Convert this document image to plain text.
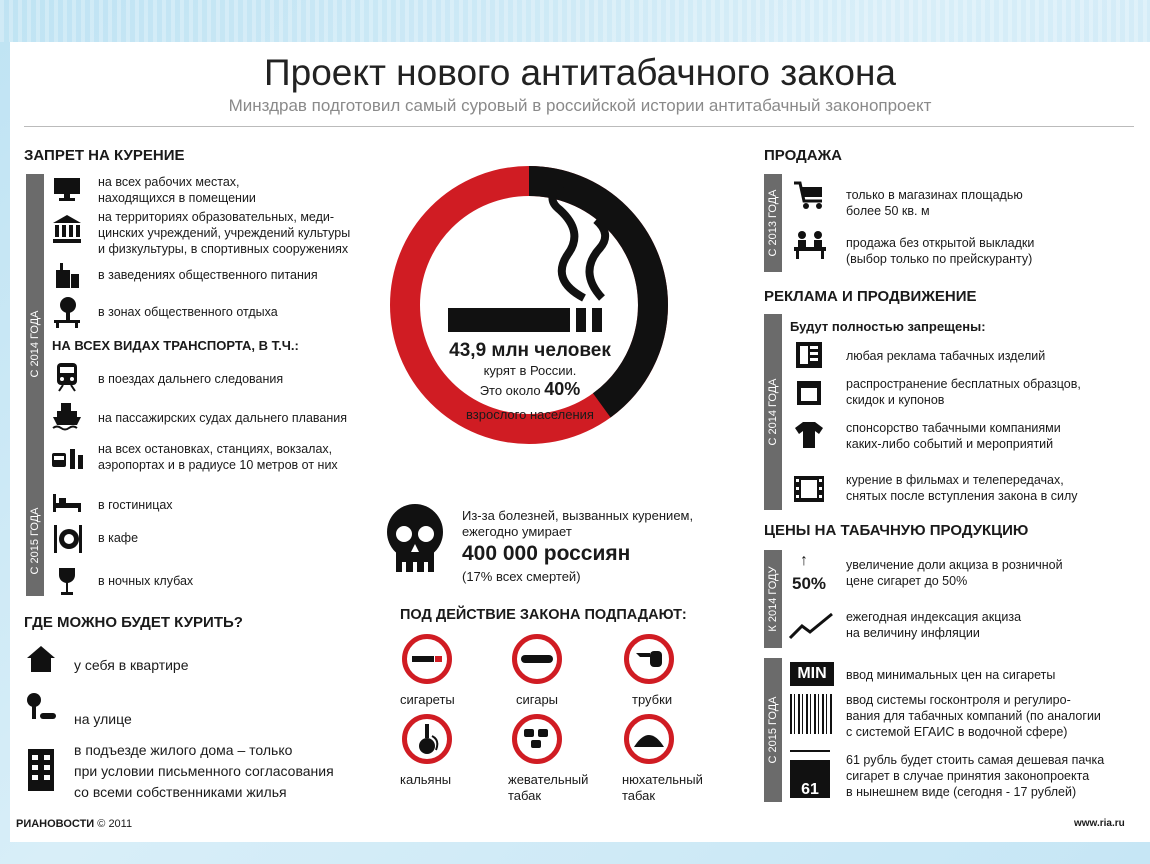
Проект нового антитабачного закона
Минздрав подготовил самый суровый в российской истории антитабачный законопроект
ЗАПРЕТ НА КУРЕНИЕ
С 2014 ГОДА
на всех рабочих местах,
находящихся в помещении
на территориях образовательных, меди-
цинских учреждений, учреждений культуры
и физкультуры, в спортивных сооружениях
в заведениях общественного питания
в зонах общественного отдыха
НА ВСЕХ ВИДАХ ТРАНСПОРТА, В Т.Ч.:
в поездах дальнего следования
на пассажирских судах дальнего плавания
на всех остановках, станциях, вокзалах,
аэропортах и в радиусе 10 метров от них
С 2015 ГОДА
в гостиницах
в кафе
в ночных клубах
ГДЕ МОЖНО БУДЕТ КУРИТЬ?
у себя в квартире
на улице
в подъезде жилого дома – только
при условии письменного согласования
со всеми собственниками жилья
43,9 млн человек
курят в России.
Это около 40%
взрослого населения
Из-за болезней, вызванных курением,
ежегодно умирает
400 000 россиян
(17% всех смертей)
ПОД ДЕЙСТВИЕ ЗАКОНА ПОДПАДАЮТ:
сигареты	сигары	трубки
кальяны	жевательный
табак
нюхательный
табак
ПРОДАЖА
С 2013 ГОДА	только в магазинах площадью
более 50 кв. м
продажа без открытой выкладки
(выбор только по прейскуранту)
РЕКЛАМА И ПРОДВИЖЕНИЕ
С 2014 ГОДА
Будут полностью запрещены:
любая реклама табачных изделий
распространение бесплатных образцов,
скидок и купонов
спонсорство табачными компаниями
каких-либо событий и мероприятий
курение в фильмах и телепередачах,
снятых после вступления закона в силу
ЦЕНЫ НА ТАБАЧНУЮ ПРОДУКЦИЮ
К 2014 ГОДУ
↑
50%
увеличение доли акциза в розничной
цене сигарет до 50%
ежегодная индексация акциза
на величину инфляции
С 2015 ГОДА
MIN	ввод минимальных цен на сигареты
ввод системы госконтроля и регулиро-
вания для табачных компаний (по аналогии
с системой ЕГАИС в водочной сфере)
61
61 рубль будет стоить самая дешевая пачка
сигарет в случае принятия законопроекта
в нынешнем виде (сегодня - 17 рублей)
РИАНОВОСТИ © 2011	www.ria.ru
